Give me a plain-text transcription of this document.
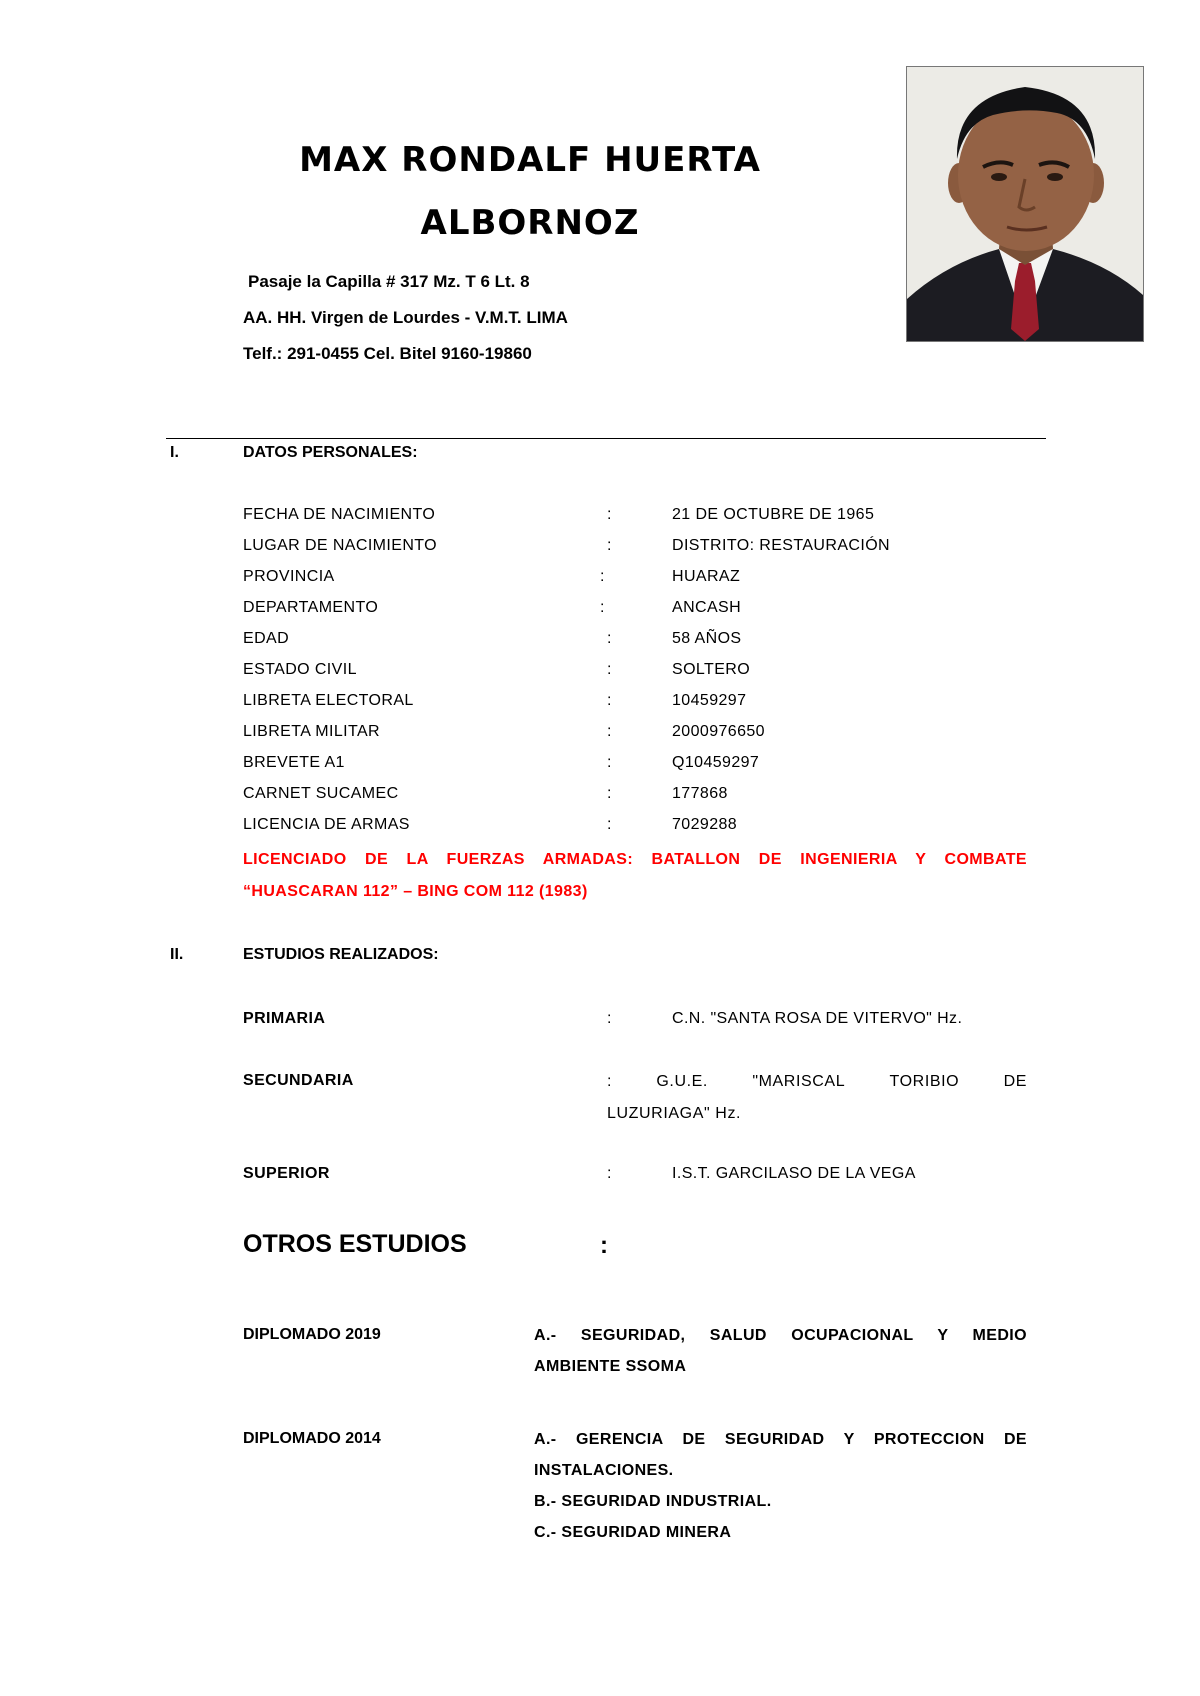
MAX RONDALF HUERTA
ALBORNOZ
Pasaje la Capilla # 317 Mz. T 6 Lt. 8
AA. HH. Virgen de Lourdes - V.M.T. LIMA
Telf.: 291-0455 Cel. Bitel 9160-19860
I.	DATOS PERSONALES:
FECHA DE NACIMIENTO	:	21 DE OCTUBRE DE 1965
LUGAR DE NACIMIENTO	:	DISTRITO: RESTAURACIÓN
PROVINCIA	:	HUARAZ
DEPARTAMENTO	:	ANCASH
EDAD	:	58 AÑOS
ESTADO CIVIL	:	SOLTERO
LIBRETA ELECTORAL	:	10459297
LIBRETA MILITAR	:	2000976650
BREVETE A1	:	Q10459297
CARNET SUCAMEC	:	177868
LICENCIA DE ARMAS	:	7029288
LICENCIADO DE LA FUERZAS ARMADAS: BATALLON DE INGENIERIA Y COMBATE
“HUASCARAN 112” – BING COM 112 (1983)
II.	ESTUDIOS REALIZADOS:
PRIMARIA	:	C.N. "SANTA ROSA DE VITERVO" Hz.
SECUNDARIA	:	G.U.E.	"MARISCAL	TORIBIO	DE
LUZURIAGA" Hz.
SUPERIOR	:	I.S.T. GARCILASO DE LA VEGA
OTROS ESTUDIOS	:
DIPLOMADO 2019	A.- SEGURIDAD, SALUD OCUPACIONAL Y MEDIO
AMBIENTE SSOMA
DIPLOMADO 2014	A.- GERENCIA DE SEGURIDAD Y PROTECCION DE
INSTALACIONES.
B.- SEGURIDAD INDUSTRIAL.
C.- SEGURIDAD MINERA
